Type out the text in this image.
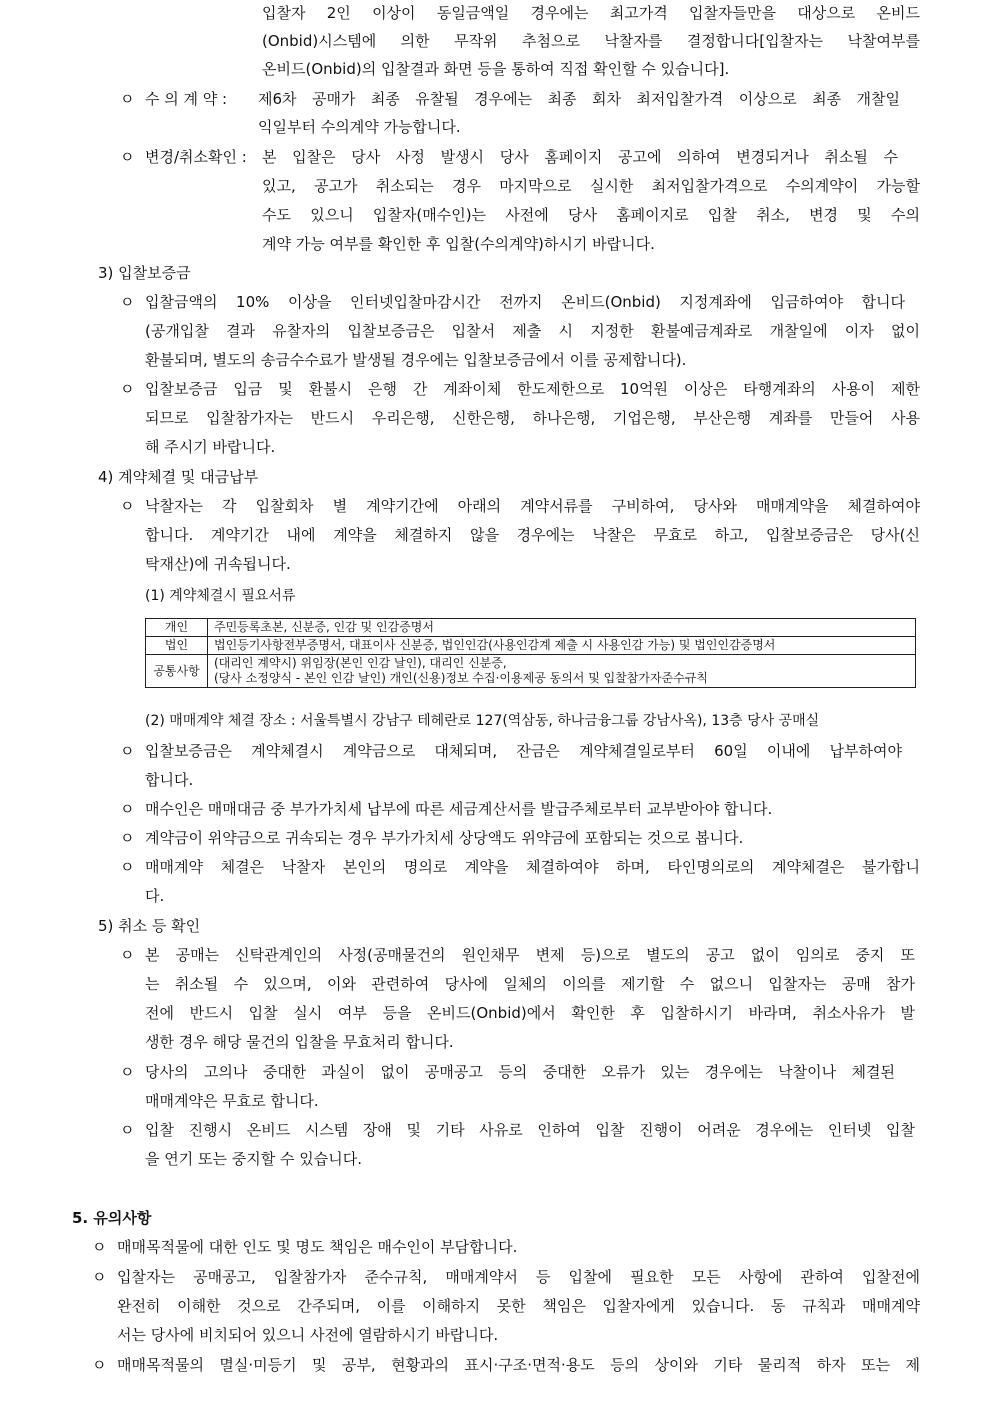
입찰자 2인 이상이 동일금액일 경우에는 최고가격 입찰자들만을 대상으로 온비드
(Onbid)시스템에 의한 무작위 추첨으로 낙찰자를 결정합니다[입찰자는 낙찰여부를
온비드(Onbid)의 입찰결과 화면 등을 통하여 직접 확인할 수 있습니다].
ㅇ 수 의 계 약 : 제6차 공매가 최종 유찰될 경우에는 최종 회차 최저입찰가격 이상으로 최종 개찰일
익일부터 수의계약 가능합니다.
ㅇ 변경/취소확인 : 본 입찰은 당사 사정 발생시 당사 홈페이지 공고에 의하여 변경되거나 취소될 수
있고, 공고가 취소되는 경우 마지막으로 실시한 최저입찰가격으로 수의계약이 가능할
수도 있으니 입찰자(매수인)는 사전에 당사 홈페이지로 입찰 취소, 변경 및 수의
계약 가능 여부를 확인한 후 입찰(수의계약)하시기 바랍니다.
3) 입찰보증금
ㅇ 입찰금액의 10% 이상을 인터넷입찰마감시간 전까지 온비드(Onbid) 지정계좌에 입금하여야 합니다
(공개입찰 결과 유찰자의 입찰보증금은 입찰서 제출 시 지정한 환불예금계좌로 개찰일에 이자 없이
환불되며, 별도의 송금수수료가 발생될 경우에는 입찰보증금에서 이를 공제합니다).
ㅇ 입찰보증금 입금 및 환불시 은행 간 계좌이체 한도제한으로 10억원 이상은 타행계좌의 사용이 제한
되므로 입찰참가자는 반드시 우리은행, 신한은행, 하나은행, 기업은행, 부산은행 계좌를 만들어 사용
해 주시기 바랍니다.
4) 계약체결 및 대금납부
ㅇ 낙찰자는 각 입찰회차 별 계약기간에 아래의 계약서류를 구비하여, 당사와 매매계약을 체결하여야
합니다. 계약기간 내에 계약을 체결하지 않을 경우에는 낙찰은 무효로 하고, 입찰보증금은 당사(신
탁재산)에 귀속됩니다.
(1) 계약체결시 필요서류
개인	주민등록초본, 신분증, 인감 및 인감증명서
법인	법인등기사항전부증명서, 대표이사 신분증, 법인인감(사용인감계 제출 시 사용인감 가능) 및 법인인감증명서
공통사항	(대리인 계약시) 위임장(본인 인감 날인), 대리인 신분증,
(당사 소정양식 - 본인 인감 날인) 개인(신용)정보 수집·이용제공 동의서 및 입찰참가자준수규칙
(2) 매매계약 체결 장소 : 서울특별시 강남구 테헤란로 127(역삼동, 하나금융그룹 강남사옥), 13층 당사 공매실
ㅇ 입찰보증금은 계약체결시 계약금으로 대체되며, 잔금은 계약체결일로부터 60일 이내에 납부하여야
합니다.
ㅇ 매수인은 매매대금 중 부가가치세 납부에 따른 세금계산서를 발급주체로부터 교부받아야 합니다.
ㅇ 계약금이 위약금으로 귀속되는 경우 부가가치세 상당액도 위약금에 포함되는 것으로 봅니다.
ㅇ 매매계약 체결은 낙찰자 본인의 명의로 계약을 체결하여야 하며, 타인명의로의 계약체결은 불가합니
다.
5) 취소 등 확인
ㅇ 본 공매는 신탁관계인의 사정(공매물건의 원인채무 변제 등)으로 별도의 공고 없이 임의로 중지 또
는 취소될 수 있으며, 이와 관련하여 당사에 일체의 이의를 제기할 수 없으니 입찰자는 공매 참가
전에 반드시 입찰 실시 여부 등을 온비드(Onbid)에서 확인한 후 입찰하시기 바라며, 취소사유가 발
생한 경우 해당 물건의 입찰을 무효처리 합니다.
ㅇ 당사의 고의나 중대한 과실이 없이 공매공고 등의 중대한 오류가 있는 경우에는 낙찰이나 체결된
매매계약은 무효로 합니다.
ㅇ 입찰 진행시 온비드 시스템 장애 및 기타 사유로 인하여 입찰 진행이 어려운 경우에는 인터넷 입찰
을 연기 또는 중지할 수 있습니다.
5. 유의사항
ㅇ 매매목적물에 대한 인도 및 명도 책임은 매수인이 부담합니다.
ㅇ 입찰자는 공매공고, 입찰참가자 준수규칙, 매매계약서 등 입찰에 필요한 모든 사항에 관하여 입찰전에
완전히 이해한 것으로 간주되며, 이를 이해하지 못한 책임은 입찰자에게 있습니다. 동 규칙과 매매계약
서는 당사에 비치되어 있으니 사전에 열람하시기 바랍니다.
ㅇ 매매목적물의 멸실·미등기 및 공부, 현황과의 표시·구조·면적·용도 등의 상이와 기타 물리적 하자 또는 제
